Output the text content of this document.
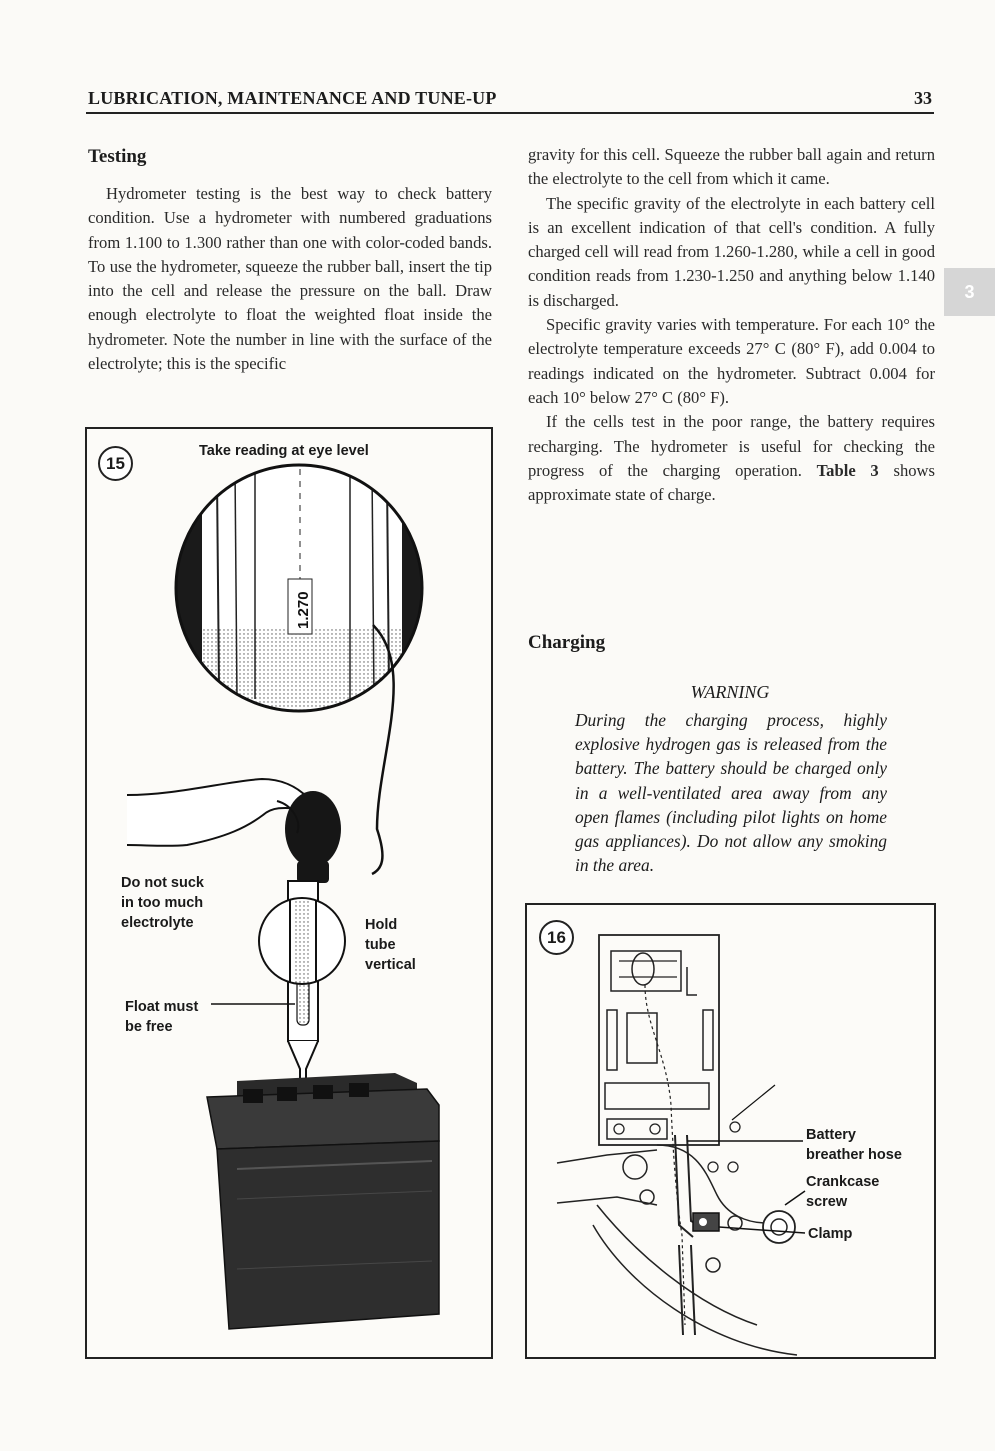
LUBRICATION, MAINTENANCE AND TUNE-UP	33
3
Testing

Hydrometer testing is the best way to check battery condition. Use a hydrometer with numbered graduations from 1.100 to 1.300 rather than one with color-coded bands. To use the hydrometer, squeeze the rubber ball, insert the tip into the cell and release the pressure on the ball. Draw enough electrolyte to float the weighted float inside the hydrometer. Note the number in line with the surface of the electrolyte; this is the specific

gravity for this cell. Squeeze the rubber ball again and return the electrolyte to the cell from which it came.

The specific gravity of the electrolyte in each battery cell is an excellent indication of that cell's condition. A fully charged cell will read from 1.260-1.280, while a cell in good condition reads from 1.230-1.250 and anything below 1.140 is discharged.

Specific gravity varies with temperature. For each 10° the electrolyte temperature exceeds 27° C (80° F), add 0.004 to readings indicated on the hydrometer. Subtract 0.004 for each 10° below 27° C (80° F).

If the cells test in the poor range, the battery requires recharging. The hydrometer is useful for checking the progress of the charging operation. Table 3 shows approximate state of charge.

Charging
WARNING
During the charging process, highly explosive hydrogen gas is released from the battery. The battery should be charged only in a well-ventilated area away from any open flames (including pilot lights on home gas appliances). Do not allow any smoking in the area.
15
Take reading at eye level
1.270
Do not suck
in too much
electrolyte	Hold
tube
vertical
Float must
be free
16
Battery
breather hose
Crankcase
screw
Clamp
